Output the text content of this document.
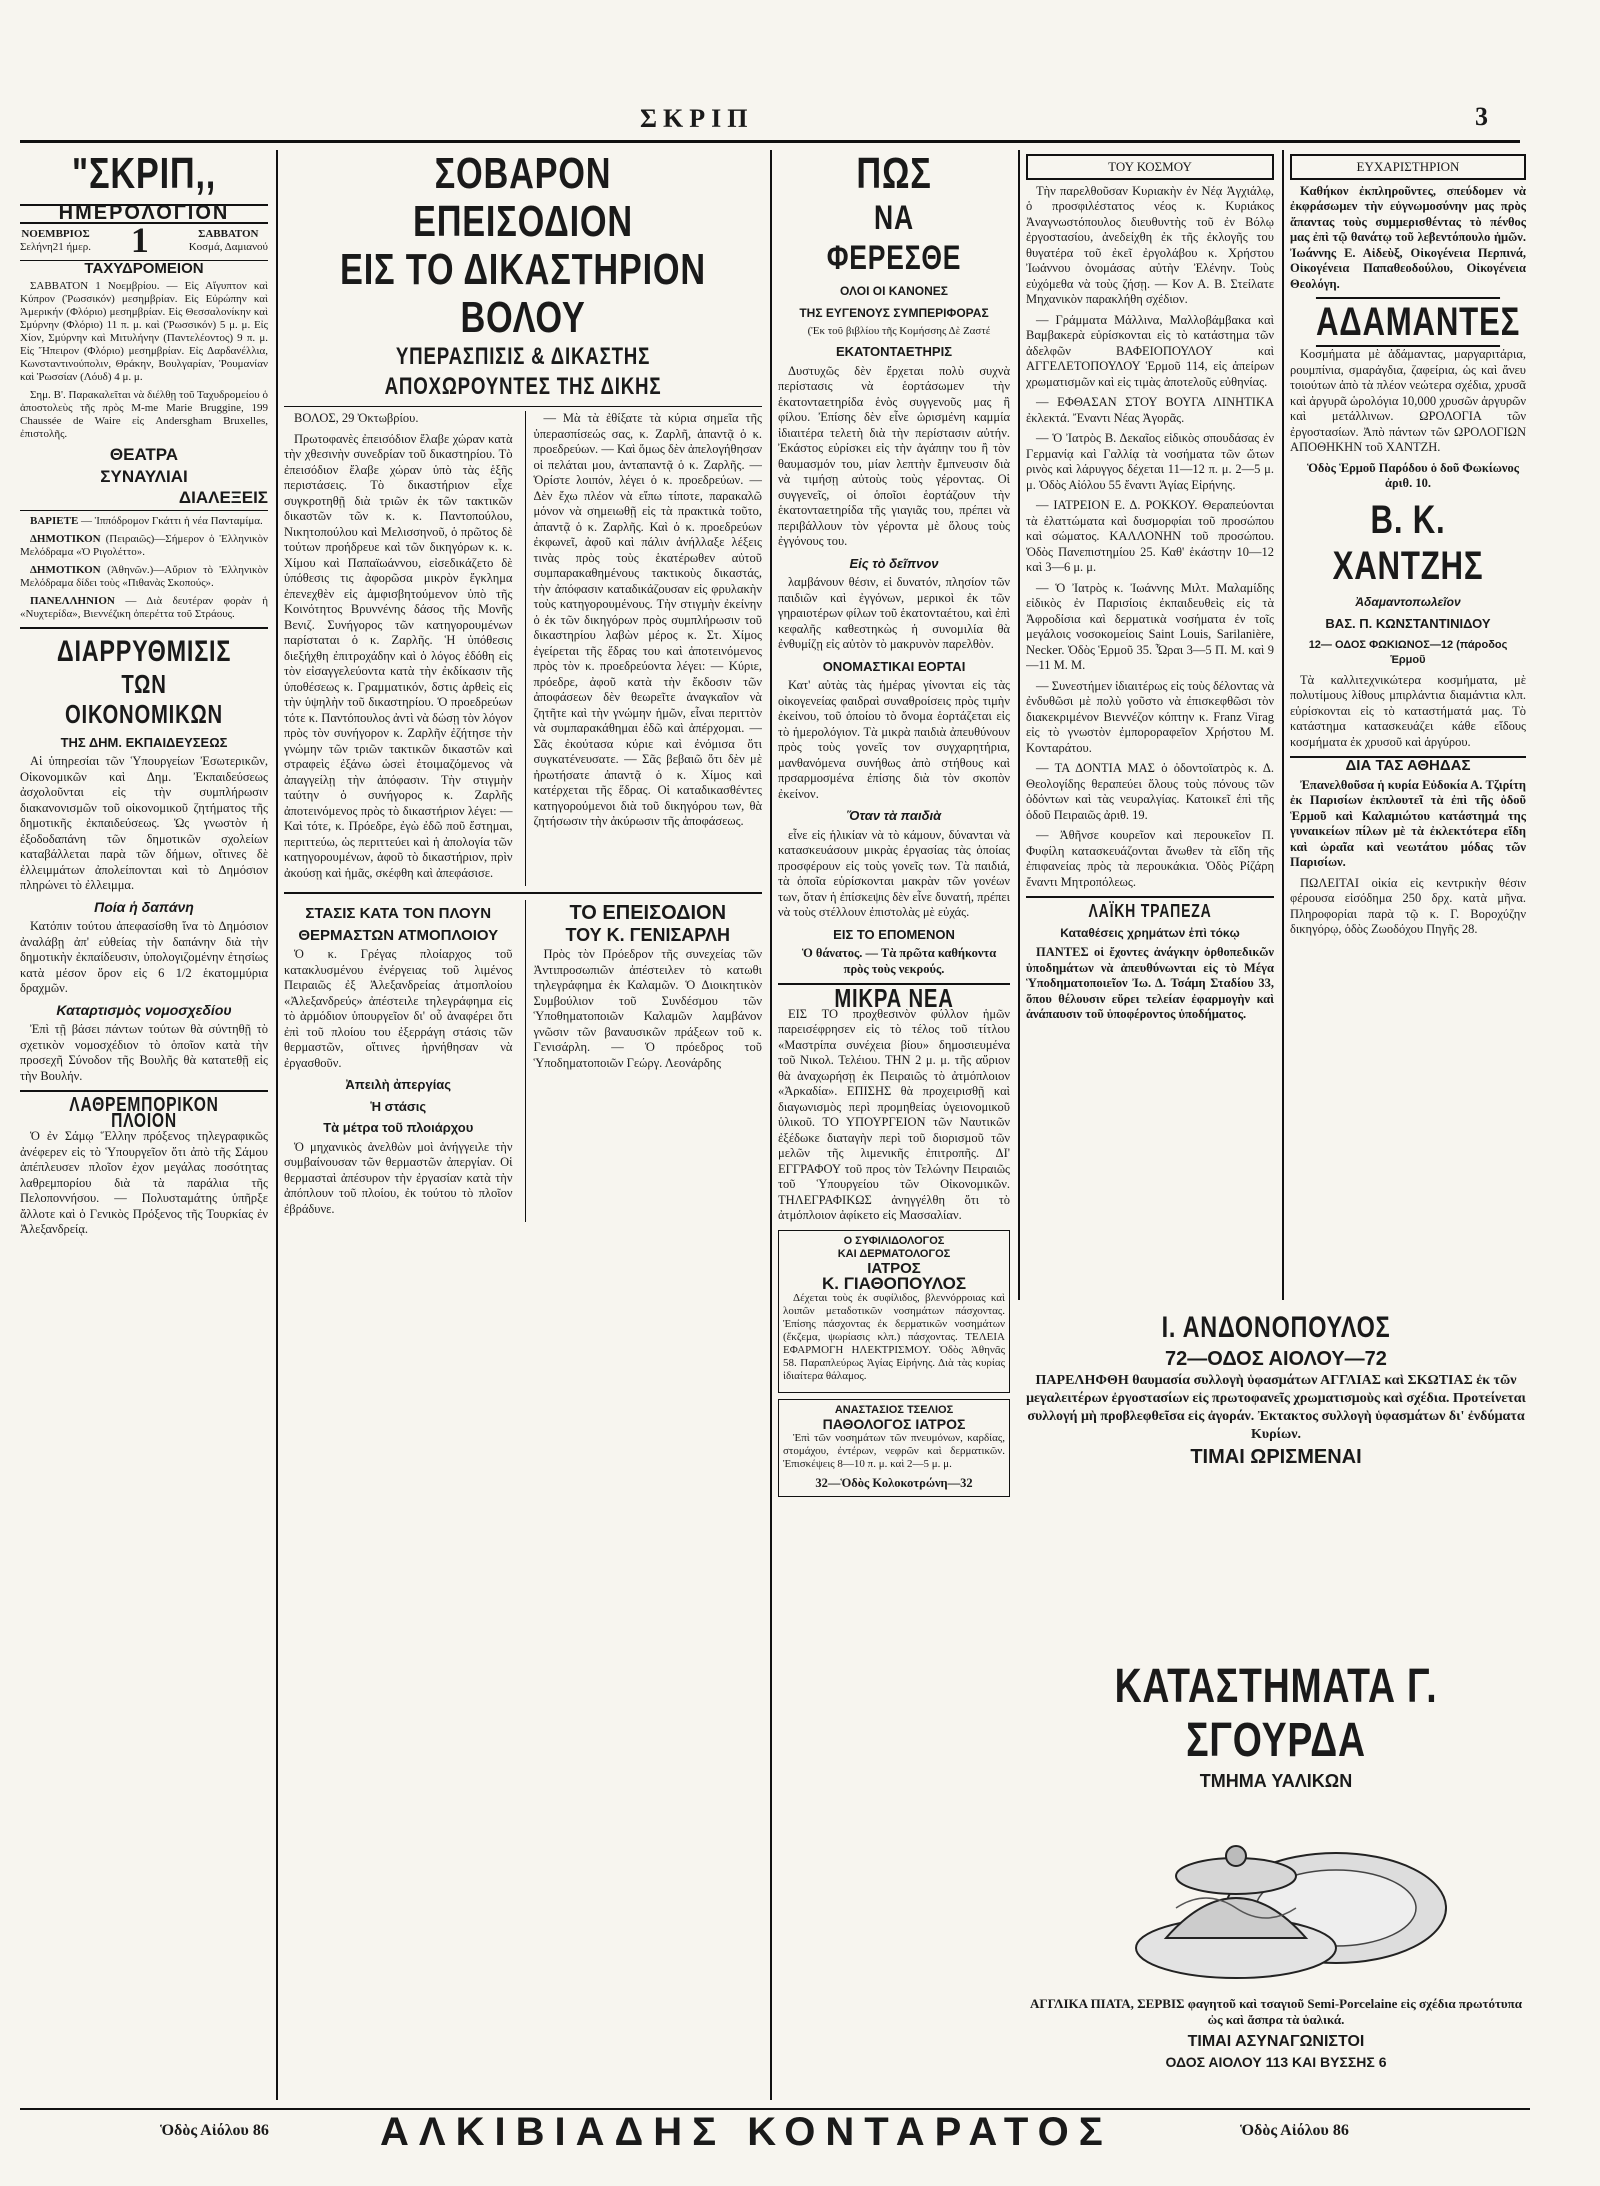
ΣΚΡΙΠ	3
"ΣΚΡΙΠ,,
ΗΜΕΡΟΛΟΓΙΟΝ
ΝΟΕΜΒΡΙΟΣ
Σελήνη21 ήμερ. 1	ΣΑΒΒΑΤΟΝ
Κοσμά, Δαμιανού
ΤΑΧΥΔΡΟΜΕΙΟΝ

ΣΑΒΒΑΤΟΝ 1 Νοεμβρίου. — Εἰς Αἴγυπτον καὶ Κύπρον (Ῥωσσικόν) μεσημβρίαν. Εἰς Εὐρώπην καὶ Ἀμερικήν (Φλόριο) μεσημβρίαν. Εἰς Θεσσαλονίκην καὶ Σμύρνην (Φλόριο) 11 π. μ. καὶ (Ῥωσσικόν) 5 μ. μ. Εἰς Χίον, Σμύρνην καὶ Μιτυλήνην (Παντελέοντος) 9 π. μ. Εἰς Ἤπειρον (Φλόριο) μεσημβρίαν. Εἰς Δαρδανέλλια, Κωνσταντινούπολιν, Θράκην, Βουλγαρίαν, Ῥουμανίαν καὶ Ῥωσσίαν (Λόυδ) 4 μ. μ.

Σημ. Β'. Παρακαλεῖται νὰ διέλθῃ τοῦ Ταχυδρομείου ὁ ἀποστολεὺς τῆς πρὸς Μ-me Marie Bruggine, 199 Chaussée de Waire εἰς Andersgham Bruxelles, ἐπιστολῆς.

ΘΕΑΤΡΑ
ΣΥΝΑΥΛΙΑΙ
ΔΙΑΛΕΞΕΙΣ

ΒΑΡΙΕΤΕ — Ἱππόδρομον Γκάττι ἡ νέα Πανταμίμα.

ΔΗΜΟΤΙΚΟΝ (Πειραιῶς)—Σήμερον ὁ Ἑλληνικὸν Μελόδραμα «Ὁ Ριγολέττο».

ΔΗΜΟΤΙΚΟΝ (Ἀθηνῶν.)—Αὔριον τὸ Ἑλληνικὸν Μελόδραμα δίδει τοὺς «Πιθανὰς Σκοπούς».

ΠΑΝΕΛΛΗΝΙΟΝ — Διὰ δευτέραν φορὰν ἡ «Νυχτερίδα», Βιεννέζικη ὀπερέττα τοῦ Στράους.

ΔΙΑΡΡΥΘΜΙΣΙΣ
ΤΩΝ ΟΙΚΟΝΟΜΙΚΩΝ
ΤΗΣ ΔΗΜ. ΕΚΠΑΙΔΕΥΣΕΩΣ

Αἱ ὑπηρεσίαι τῶν Ὑπουργείων Ἐσωτερικῶν, Οἰκονομικῶν καὶ Δημ. Ἐκπαιδεύσεως ἀσχολοῦνται εἰς τὴν συμπλήρωσιν διακανονισμῶν τοῦ οἰκονομικοῦ ζητήματος τῆς δημοτικῆς ἐκπαιδεύσεως. Ὡς γνωστὸν ἡ ἐξοδοδαπάνη τῶν δημοτικῶν σχολείων καταβάλλεται παρὰ τῶν δήμων, οἵτινες δὲ ἐλλειμμάτων ἀπολείπονται καὶ τὸ Δημόσιον πληρώνει τὸ ἐλλειμμα.

Ποία ἡ δαπάνη

Κατόπιν τούτου ἀπεφασίσθη ἵνα τὸ Δημόσιον ἀναλάβῃ ἀπ' εὐθείας τὴν δαπάνην διὰ τὴν δημοτικὴν ἐκπαίδευσιν, ὑπολογιζομένην ἐτησίως κατὰ μέσον ὅρον εἰς 6 1/2 ἑκατομμύρια δραχμῶν.

Καταρτισμὸς νομοσχεδίου

Ἐπὶ τῇ βάσει πάντων τούτων θὰ σύντηθῇ τὸ σχετικὸν νομοσχέδιον τὸ ὁποῖον κατὰ τὴν προσεχῆ Σύνοδον τῆς Βουλῆς θὰ κατατεθῇ εἰς τὴν Βουλήν.

ΛΑΘΡΕΜΠΟΡΙΚΟΝ ΠΛΟΙΟΝ

Ὁ ἐν Σάμῳ Ἕλλην πρόξενος τηλεγραφικῶς ἀνέφερεν εἰς τὸ Ὑπουργεῖον ὅτι ἀπὸ τῆς Σάμου ἀπέπλευσεν πλοῖον ἐχον μεγάλας ποσότητας λαθρεμπορίου διὰ τὰ παράλια τῆς Πελοποννήσου. — Πολυσταμάτης ὑπῆρξε ἄλλοτε καὶ ὁ Γενικὸς Πρόξενος τῆς Τουρκίας ἐν Ἀλεξανδρείᾳ.

ΣΟΒΑΡΟΝ ΕΠΕΙΣΟΔΙΟΝ
ΕΙΣ ΤΟ ΔΙΚΑΣΤΗΡΙΟΝ ΒΟΛΟΥ
ΥΠΕΡΑΣΠΙΣΙΣ & ΔΙΚΑΣΤΗΣ ΑΠΟΧΩΡΟΥΝΤΕΣ ΤΗΣ ΔΙΚΗΣ

ΒΟΛΟΣ, 29 Ὀκτωβρίου.

Πρωτοφανὲς ἐπεισόδιον ἔλαβε χώραν κατὰ τὴν χθεσινὴν συνεδρίαν τοῦ δικαστηρίου. Τὸ ἐπεισόδιον ἔλαβε χώραν ὑπὸ τὰς ἑξῆς περιστάσεις. Τὸ δικαστήριον εἶχε συγκροτηθῇ διὰ τριῶν ἐκ τῶν τακτικῶν δικαστῶν τῶν κ. κ. Παντοπούλου, Νικητοπούλου καὶ Μελισσηνοῦ, ὁ πρῶτος δὲ τούτων προήδρευε καὶ τῶν δικηγόρων κ. κ. Χίμου καὶ Παπαϊωάννου, εἰσεδικάζετο δὲ ὑπόθεσις τις ἀφορῶσα μικρὸν ἔγκλημα ἐπενεχθὲν εἰς ἀμφισβητούμενον ὑπὸ τῆς Κοινότητος Βρυννένης δάσος τῆς Μονῆς Βενιζ. Συνήγορος τῶν κατηγορουμένων παρίσταται ὁ κ. Ζαρλῆς. Ἡ ὑπόθεσις διεξήχθη ἐπιτροχάδην καὶ ὁ λόγος ἐδόθη εἰς τὸν εἰσαγγελεύοντα κατὰ τὴν ἐκδίκασιν τῆς ὑποθέσεως κ. Γραμματικόν, δστις ἀρθεὶς εἰς τὴν ὑψηλὴν τοῦ δικαστηρίου. Ὁ προεδρεύων τότε κ. Παντόπουλος ἀντὶ νὰ δώσῃ τὸν λόγον πρὸς τὸν συνήγορον κ. Ζαρλῆν ἐζήτησε τὴν γνώμην τῶν τριῶν τακτικῶν δικαστῶν καὶ στραφεὶς ἐξάνω ὡσεὶ ἑτοιμαζόμενος νὰ ἀπαγγείλῃ τὴν ἀπόφασιν. Τὴν στιγμὴν ταύτην ὁ συνήγορος κ. Ζαρλῆς ἀποτεινόμενος πρὸς τὸ δικαστήριον λέγει: — Καὶ τότε, κ. Πρόεδρε, ἐγὼ ἐδῶ ποῦ ἔστημαι, περιττεύω, ὡς περιττεύει καὶ ἡ ἀπολογία τῶν κατηγορουμένων, ἀφοῦ τὸ δικαστήριον, πρὶν ἀκούσῃ καὶ ἡμᾶς, σκέφθη καὶ ἀπεφάσισε.

— Μὰ τὰ ἐθίξατε τὰ κύρια σημεῖα τῆς ὑπερασπίσεώς σας, κ. Ζαρλῆ, ἀπαντᾷ ὁ κ. προεδρεύων. — Καὶ ὅμως δὲν ἀπελογήθησαν οἱ πελάται μου, ἀνταπαντᾷ ὁ κ. Ζαρλῆς. — Ὁρίστε λοιπόν, λέγει ὁ κ. προεδρεύων. — Δὲν ἔχω πλέον νὰ εἴπω τίποτε, παρακαλῶ μόνον νὰ σημειωθῇ εἰς τὰ πρακτικὰ τοῦτο, ἀπαντᾷ ὁ κ. Ζαρλῆς. Καὶ ὁ κ. προεδρεύων ἐκφωνεῖ, ἀφοῦ καὶ πάλιν ἀνήλλαξε λέξεις τινὰς πρὸς τοὺς ἑκατέρωθεν αὐτοῦ συμπαρακαθημένους τακτικοὺς δικαστάς, τὴν ἀπόφασιν καταδικάζουσαν εἰς φρυλακὴν τοὺς κατηγορουμένους. Τὴν στιγμὴν ἐκείνην ὁ ἐκ τῶν δικηγόρων πρὸς συμπλήρωσιν τοῦ δικαστηρίου λαβὼν μέρος κ. Στ. Χίμος ἐγείρεται τῆς ἕδρας του καὶ ἀποτεινόμενος πρὸς τὸν κ. προεδρεύοντα λέγει: — Κύριε, πρόεδρε, ἀφοῦ κατὰ τὴν ἔκδοσιν τῶν ἀποφάσεων δὲν θεωρεῖτε ἀναγκαῖον νὰ ζητῆτε καὶ τὴν γνώμην ἡμῶν, εἶναι περιττὸν νὰ συμπαρακάθημαι ἐδῶ καὶ ἀπέρχομαι. — Σᾶς ἐκούτασα κύριε καὶ ἐνόμισα ὅτι συγκατένευσατε. — Σᾶς βεβαιῶ ὅτι δὲν μὲ ἠρωτήσατε ἀπαντᾷ ὁ κ. Χίμος καὶ κατέρχεται τῆς ἕδρας. Οἱ καταδικασθέντες κατηγορούμενοι διὰ τοῦ δικηγόρου των, θὰ ζητήσωσιν τὴν ἀκύρωσιν τῆς ἀποφάσεως.

ΣΤΑΣΙΣ ΚΑΤΑ ΤΟΝ ΠΛΟΥΝ
ΘΕΡΜΑΣΤΩΝ ΑΤΜΟΠΛΟΙΟΥ

Ὁ κ. Γρέγας πλοίαρχος τοῦ κατακλυσμένου ἐνέργειας τοῦ λιμένος Πειραιῶς ἐξ Ἀλεξανδρείας ἀτμοπλοίου «Ἀλεξανδρεύς» ἀπέστειλε τηλεγράφημα εἰς τὸ ἀρμόδιον ὑπουργεῖον δι' οὗ ἀναφέρει ὅτι ἐπὶ τοῦ πλοίου του ἐξερράγη στάσις τῶν θερμαστῶν, οἵτινες ἠρνήθησαν νὰ ἐργασθοῦν.

Ἀπειλὴ ἀπεργίας
Ἡ στάσις
Τὰ μέτρα τοῦ πλοιάρχου

Ὁ μηχανικὸς ἀνελθὼν μοὶ ἀνήγγειλε τὴν συμβαίνουσαν τῶν θερμαστῶν ἀπεργίαν. Οἱ θερμασταὶ ἀπέσυρον τὴν ἐργασίαν κατὰ τὴν ἀπόπλουν τοῦ πλοίου, ἐκ τούτου τὸ πλοῖον ἐβράδυνε.

ΤΟ ΕΠΕΙΣΟΔΙΟΝ
ΤΟΥ Κ. ΓΕΝΙΣΑΡΛΗ

Πρὸς τὸν Πρόεδρον τῆς συνεχείας τῶν Ἀντιπροσωπιῶν ἀπέστειλεν τὸ κατωθι τηλεγράφημα ἐκ Καλαμῶν. Ὁ Διοικητικὸν Συμβούλιον τοῦ Συνδέσμου τῶν Ὑποθηματοποιῶν Καλαμῶν λαμβάνον γνῶσιν τῶν βαναυσικῶν πράξεων τοῦ κ. Γενισάρλη. — Ὁ πρόεδρος τοῦ Ὑποδηματοποιῶν Γεώργ. Λεονάρδης

ΠΩΣ
ΝΑ ΦΕΡΕΣΘΕ
ΟΛΟΙ ΟΙ ΚΑΝΟΝΕΣ
ΤΗΣ ΕΥΓΕΝΟΥΣ ΣΥΜΠΕΡΙΦΟΡΑΣ

(Ἐκ τοῦ βιβλίου τῆς Κομήσσης Δὲ Ζαστέ

ΕΚΑΤΟΝΤΑΕΤΗΡΙΣ

Δυστυχῶς δὲν ἔρχεται πολὺ συχνὰ περίστασις νὰ ἑορτάσωμεν τὴν ἑκατονταετηρίδα ἑνὸς συγγενοῦς μας ἢ φίλου. Ἐπίσης δὲν εἶνε ὡρισμένη καμμία ἰδιαιτέρα τελετὴ διὰ τὴν περίστασιν αὐτήν. Ἐκάστος εὑρίσκει εἰς τὴν ἀγάπην του ἢ τὸν θαυμασμόν του, μίαν λεπτὴν ἔμπνευσιν διὰ νὰ τιμήσῃ αὐτοὺς τοὺς γέροντας. Οἱ συγγενεῖς, οἱ ὁποῖοι ἑορτάζουν τὴν ἑκατονταετηρίδα τῆς γιαγιᾶς του, πρέπει νὰ περιβάλλουν τὸν γέροντα μὲ ὅλους τοὺς ἐγγόνους του.

Εἰς τὸ δεῖπνον

λαμβάνουν θέσιν, εἰ δυνατόν, πλησίον τῶν παιδιῶν καὶ ἐγγόνων, μερικοὶ ἐκ τῶν γηραιοτέρων φίλων τοῦ ἑκατονταέτου, καὶ ἐπὶ κεφαλῆς καθεστηκὼς ἡ συνομιλία θὰ ἐνθυμίζῃ εἰς αὐτὸν τὸ μακρυνὸν παρελθὸν.

ΟΝΟΜΑΣΤΙΚΑΙ ΕΟΡΤΑΙ

Κατ' αὐτὰς τὰς ἡμέρας γίνονται εἰς τὰς οἰκογενείας φαιδραὶ συναθροίσεις πρὸς τιμὴν ἐκείνου, τοῦ ὁποίου τὸ ὄνομα ἑορτάζεται εἰς τὸ ἡμερολόγιον. Τὰ μικρὰ παιδιὰ ἀπευθύνουν πρὸς τοὺς γονεῖς τον συγχαρητήρια, μανθανόμενα συνήθως ἀπὸ στήθους καὶ πρσαρμοσμένα ἐπίσης διὰ τὸν σκοπὸν ἐκείνον.

Ὅταν τὰ παιδιὰ

εἶνε εἰς ἡλικίαν νὰ τὸ κάμουν, δύνανται νὰ κατασκευάσουν μικρὰς ἐργασίας τὰς ὁποίας προσφέρουν εἰς τοὺς γονεῖς των. Τὰ παιδιά, τὰ ὁποῖα εὑρίσκονται μακρὰν τῶν γονέων των, ὅταν ἡ ἐπίσκεψις δὲν εἶνε δυνατή, πρέπει νὰ τοὺς στέλλουν ἐπιστολὰς μὲ εὐχάς.

ΕΙΣ ΤΟ ΕΠΟΜΕΝΟΝ

Ὁ θάνατος. — Τὰ πρῶτα καθήκοντα πρὸς τοὺς νεκρούς.

ΜΙΚΡΑ ΝΕΑ

ΕΙΣ ΤΟ προχθεσινὸν φύλλον ἡμῶν παρεισέφρησεν εἰς τὸ τέλος τοῦ τίτλου «Μαστρίπα συνέχεια βίου» δημοσιευμένα τοῦ Νικολ. Τελέιου. ΤΗΝ 2 μ. μ. τῆς αὔριον θὰ ἀναχωρήσῃ ἐκ Πειραιῶς τὸ ἀτμόπλοιον «Ἀρκαδία». ΕΠΙΣΗΣ θὰ προχειρισθῇ καὶ διαγωνισμὸς περὶ προμηθείας ὑγειονομικοῦ ὑλικοῦ. ΤΟ ΥΠΟΥΡΓΕΙΟΝ τῶν Ναυτικῶν ἐξέδωκε διαταγὴν περὶ τοῦ διορισμοῦ τῶν μελῶν τῆς λιμενικῆς ἐπιτροπῆς. ΔΙ' ΕΓΓΡΑΦΟΥ τοῦ προς τὸν Τελώνην Πειραιῶς τοῦ Ὑπουργείου τῶν Οἰκονομικῶν. ΤΗΛΕΓΡΑΦΙΚΩΣ ἀνηγγέλθη ὅτι τὸ ἀτμόπλοιον ἀφίκετο εἰς Μασσαλίαν.

Ο ΣΥΦΙΛΙΔΟΛΟΓΟΣ
ΚΑΙ ΔΕΡΜΑΤΟΛΟΓΟΣ
ΙΑΤΡΟΣ
Κ. ΓΙΑΘΟΠΟΥΛΟΣ

Δέχεται τοὺς ἐκ συφίλιδος, βλεννόρροιας καὶ λοιπῶν μεταδοτικῶν νοσημάτων πάσχοντας. Ἐπίσης πάσχοντας ἐκ δερματικῶν νοσημάτων (ἔκζεμα, ψωρίασις κλπ.) πάσχοντας. ΤΕΛΕΙΑ ΕΦΑΡΜΟΓΗ ΗΛΕΚΤΡΙΣΜΟΥ. Ὁδὸς Ἀθηνᾶς 58. Παραπλεύρως Ἁγίας Εἰρήνης. Διὰ τὰς κυρίας ἰδιαίτερα θάλαμος.

ΑΝΑΣΤΑΣΙΟΣ ΤΣΕΛΙΟΣ
ΠΑΘΟΛΟΓΟΣ ΙΑΤΡΟΣ

Ἐπὶ τῶν νοσημάτων τῶν πνευμόνων, καρδίας, στομάχου, ἐντέρων, νεφρῶν καὶ δερματικῶν. Ἐπισκέψεις 8—10 π. μ. καὶ 2—5 μ. μ.

32—Ὁδὸς Κολοκοτρώνη—32
ΤΟΥ ΚΟΣΜΟΥ

Τὴν παρελθοῦσαν Κυριακὴν ἐν Νέᾳ Ἀγχιάλῳ, ὁ προσφιλέστατος νέος κ. Κυριάκος Ἀναγνωστόπουλος διευθυντὴς τοῦ ἐν Βόλῳ ἐργοστασίου, ἀνεδείχθη ἐκ τῆς ἐκλογῆς του θυγατέρα τοῦ ἐκεῖ ἐργολάβου κ. Χρήστου Ἰωάννου ὀνομάσας αὐτὴν Ἐλένην. Τοὺς εὐχόμεθα νὰ τοὺς ζήσῃ. — Κον Α. Β. Στείλατε Μηχανικὸν παρακλήθη σχέδιον.

— Γράμματα Μάλλινα, Μαλλοβάμβακα καὶ Βαμβακερὰ εὑρίσκονται εἰς τὸ κατάστημα τῶν ἀδελφῶν ΒΑΦΕΙΟΠΟΥΛΟΥ καὶ ΑΓΓΕΛΕΤΟΠΟΥΛΟΥ Ἑρμοῦ 114, εἰς ἀπείρων χρωματισμῶν καὶ εἰς τιμὰς ἀποτελοῦς εὐθηνίας.

— ΕΦΘΑΣΑΝ ΣΤΟΥ ΒΟΥΓΑ ΛΙΝΗΤΙΚΑ ἐκλεκτά. Ἔναντι Νέας Ἀγορᾶς.

— Ὁ Ἰατρὸς Β. Δεκαῖος εἰδικὸς σπουδάσας ἐν Γερμανίᾳ καὶ Γαλλίᾳ τὰ νοσήματα τῶν ὤτων ρινὸς καὶ λάρυγγος δέχεται 11—12 π. μ. 2—5 μ. μ. Ὁδὸς Αἰόλου 55 ἔναντι Ἁγίας Εἰρήνης.

— ΙΑΤΡΕΙΟΝ Ε. Δ. ΡΟΚΚΟΥ. Θεραπεύονται τὰ ἐλαττώματα καὶ δυσμορφίαι τοῦ προσώπου καὶ σώματος. ΚΑΛΛΟΝΗΝ τοῦ προσώπου. Ὁδὸς Πανεπιστημίου 25. Καθ' ἑκάστην 10—12 καὶ 3—6 μ. μ.

— Ὁ Ἰατρὸς κ. Ἰωάννης Μιλτ. Μαλαμίδης εἰδικὸς ἐν Παρισίοις ἐκπαιδευθεὶς εἰς τὰ Ἀφροδίσια καὶ δερματικὰ νοσήματα ἐν τοῖς μεγάλοις νοσοκομείοις Saint Louis, Sarilanière, Necker. Ὁδὸς Ἑρμοῦ 35. Ὧραι 3—5 Π. Μ. καὶ 9—11 Μ. Μ.

— Συνεστήμεν ἰδιαιτέρως εἰς τοὺς δέλοντας νὰ ἐνδυθῶσι μὲ πολὺ γοῦστο νὰ ἐπισκεφθῶσι τὸν διακεκριμένον Βιεννέζον κόπτην κ. Franz Virag εἰς τὸ γνωστὸν ἐμποροραφεῖον Χρήστου Μ. Κονταράτου.

— ΤΑ ΔΟΝΤΙΑ ΜΑΣ ὁ ὀδοντοϊατρὸς κ. Δ. Θεολογίδης θεραπεύει ὅλους τοὺς πόνους τῶν ὀδόντων καὶ τὰς νευραλγίας. Κατοικεῖ ἐπὶ τῆς ὁδοῦ Πειραιῶς ἀριθ. 19.

— Ἀθῆνσε κουρεῖον καὶ περουκεῖον Π. Φυφίλη κατασκευάζονται ἄνωθεν τὰ εἴδη τῆς ἐπιφανείας πρὸς τὰ περουκάκια. Ὁδὸς Ρίζάρη ἔναντι Μητροπόλεως.

ΛΑΪΚΗ ΤΡΑΠΕΖΑ
Καταθέσεις χρημάτων ἐπὶ τόκῳ

ΠΑΝΤΕΣ οἱ ἔχοντες ἀνάγκην ὀρθοπεδικῶν ὑποδημάτων νὰ ἀπευθύνωνται εἰς τὸ Μέγα Ὑποδηματοποιεῖον Ἰω. Δ. Τσάμη Σταδίου 33, ὅπου θέλουσιν εὕρει τελείαν ἐφαρμογὴν καὶ ἀνάπαυσιν τοῦ ὑποφέροντος ὑποδήματος.

ΕΥΧΑΡΙΣΤΗΡΙΟΝ

Καθήκον ἐκπληροῦντες, σπεύδομεν νὰ ἐκφράσωμεν τὴν εὐγνωμοσύνην μας πρὸς ἅπαντας τοὺς συμμερισθέντας τὸ πένθος μας ἐπὶ τῷ θανάτῳ τοῦ λεβεντόπουλο ἡμῶν. Ἰωάννης Ε. Αἰδεὺξ, Οἰκογένεια Περπινά, Οἰκογένεια Παπαθεοδούλου, Οἰκογένεια Θεολόγη.

ΑΔΑΜΑΝΤΕΣ

Κοσμήματα μὲ ἀδάμαντας, μαργαριτάρια, ρουμπίνια, σμαράγδια, ζαφείρια, ὡς καὶ ἄνευ τοιούτων ἀπὸ τὰ πλέον νεώτερα σχέδια, χρυσᾶ καὶ ἀργυρᾶ ὡρολόγια 10,000 χρυσῶν ἀργυρῶν καὶ μετάλλινων. ΩΡΟΛΟΓΙΑ τῶν ἐργοστασίων. Ἀπὸ πάντων τῶν ΩΡΟΛΟΓΙΩΝ ΑΠΟΘΗΚΗΝ τοῦ ΧΑΝΤΖΗ.

Ὁδὸς Ἑρμοῦ Παρόδου ὁ δοῦ Φωκίωνος ἀριθ. 10.

Β. Κ. ΧΑΝΤΖΗΣ
Ἀδαμαντοπωλεῖον
ΒΑΣ. Π. ΚΩΝΣΤΑΝΤΙΝΙΔΟΥ
12— ΟΔΟΣ ΦΩΚΙΩΝΟΣ—12 (πάροδος Ἑρμοῦ

Τὰ καλλιτεχνικώτερα κοσμήματα, μὲ πολυτίμους λίθους μπιρλάντια διαμάντια κλπ. εὑρίσκονται εἰς τὸ καταστήματά μας. Τὸ κατάστημα κατασκευάζει κάθε εἴδους κοσμήματα ἐκ χρυσοῦ καὶ ἀργύρου.

ΔΙΑ ΤΑΣ ΑΘΗΔΑΣ

Ἐπανελθοῦσα ἡ κυρία Εὐδοκία Α. Τζιρίτη ἐκ Παρισίων ἐκπλουτεῖ τὰ ἐπὶ τῆς ὁδοῦ Ἑρμοῦ καὶ Καλαμιώτου κατάστημά της γυναικείων πίλων μὲ τὰ ἐκλεκτότερα εἴδη καὶ ὡραῖα καὶ νεωτάτου μόδας τῶν Παρισίων.

ΠΩΛΕΙΤΑΙ οἰκία εἰς κεντρικὴν θέσιν φέρουσα εἰσόδημα 250 δρχ. κατὰ μῆνα. Πληροφορίαι παρὰ τῷ κ. Γ. Βοροχύζην δικηγόρῳ, ὁδὸς Ζωοδόχου Πηγῆς 28.

Ι. ΑΝΔΟΝΟΠΟΥΛΟΣ
72—ΟΔΟΣ ΑΙΟΛΟΥ—72

ΠΑΡΕΛΗΦΘΗ θαυμασία συλλογὴ ὑφασμάτων ΑΓΓΛΙΑΣ καὶ ΣΚΩΤΙΑΣ ἐκ τῶν μεγαλειτέρων ἐργοστασίων εἰς πρωτοφανεῖς χρωματισμοὺς καὶ σχέδια. Προτείνεται συλλογή μὴ προβλεφθεῖσα εἰς ἀγοράν. Ἐκτακτος συλλογὴ ὑφασμάτων δι' ἐνδύματα Κυρίων.

ΤΙΜΑΙ ΩΡΙΣΜΕΝΑΙ
ΚΑΤΑΣΤΗΜΑΤΑ Γ. ΣΓΟΥΡΔΑ
ΤΜΗΜΑ ΥΑΛΙΚΩΝ

ΑΓΓΛΙΚΑ ΠΙΑΤΑ, ΣΕΡΒΙΣ φαγητοῦ καὶ τσαγιοῦ Semi-Porcelaine εἰς σχέδια πρωτότυπα ὡς καὶ ἄσπρα τὰ ὑαλικά.

ΤΙΜΑΙ ΑΣΥΝΑΓΩΝΙΣΤΟΙ
ΟΔΟΣ ΑΙΟΛΟΥ 113 ΚΑΙ ΒΥΣΣΗΣ 6
Ὁδὸς Αἰόλου 86	ΑΛΚΙΒΙΑΔΗΣ ΚΟΝΤΑΡΑΤΟΣ	Ὁδὸς Αἰόλου 86
